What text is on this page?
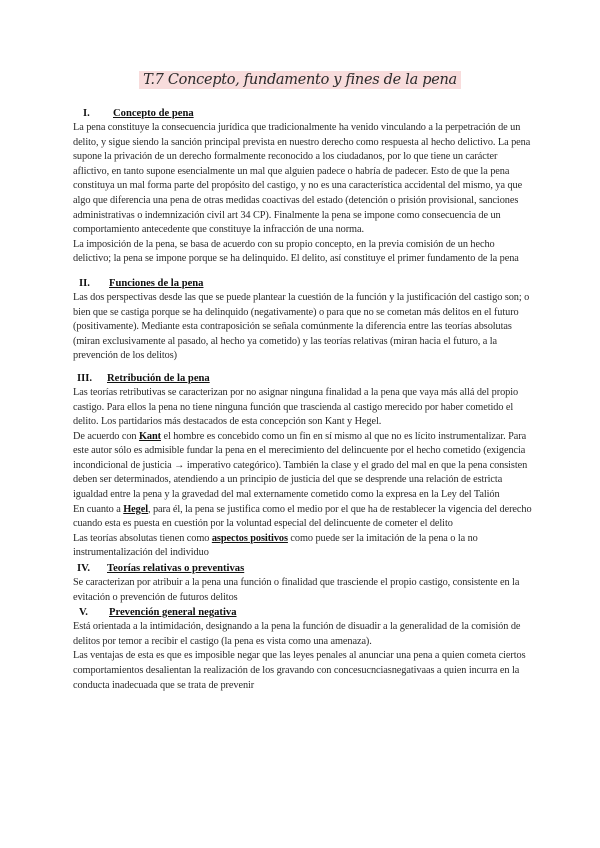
T.7 Concepto, fundamento y fines de la pena
I.	Concepto de pena

La pena constituye la consecuencia jurídica que tradicionalmente ha venido vinculando a la perpetración de un delito, y sigue siendo la sanción principal prevista en nuestro derecho como respuesta al hecho delictivo. La pena supone la privación de un derecho formalmente reconocido a los ciudadanos, por lo que tiene un carácter aflictivo, en tanto supone esencialmente un mal que alguien padece o habría de padecer. Esto de que la pena constituya un mal forma parte del propósito del castigo, y no es una característica accidental del mismo, ya que algo que diferencia una pena de otras medidas coactivas del estado (detención o prisión provisional, sanciones administrativas o indemnización civil art 34 CP). Finalmente la pena se impone como consecuencia de un comportamiento antecedente que constituye la infracción de una norma.

La imposición de la pena, se basa de acuerdo con su propio concepto, en la previa comisión de un hecho delictivo; la pena se impone porque se ha delinquido. El delito, así constituye el primer fundamento de la pena

II.	Funciones de la pena

Las dos perspectivas desde las que se puede plantear la cuestión de la función y la justificación del castigo son; o bien que se castiga porque se ha delinquido (negativamente) o para que no se cometan más delitos en el futuro (positivamente). Mediante esta contraposición se señala comúnmente la diferencia entre las teorías absolutas (miran exclusivamente al pasado, al hecho ya cometido) y las teorías relativas (miran hacia el futuro, a la prevención de los delitos)

III.	Retribución de la pena

Las teorías retributivas se caracterizan por no asignar ninguna finalidad a la pena que vaya más allá del propio castigo. Para ellos la pena no tiene ninguna función que trascienda al castigo merecido por haber cometido el delito. Los partidarios más destacados de esta concepción son Kant y Hegel.

De acuerdo con Kant el hombre es concebido como un fin en sí mismo al que no es lícito instrumentalizar. Para este autor sólo es admisible fundar la pena en el merecimiento del delincuente por el hecho cometido (exigencia incondicional de justicia → imperativo categórico). También la clase y el grado del mal en que la pena consisten deben ser determinados, atendiendo a un principio de justicia del que se desprende una relación de estricta igualdad entre la pena y la gravedad del mal externamente cometido como la expresa en la Ley del Talión

En cuanto a Hegel, para él, la pena se justifica como el medio por el que ha de restablecer la vigencia del derecho cuando esta es puesta en cuestión por la voluntad especial del delincuente de cometer el delito

Las teorías absolutas tienen como aspectos positivos como puede ser la imitación de la pena o la no instrumentalización del individuo

IV.	Teorías relativas o preventivas

Se caracterizan por atribuir a la pena una función o finalidad que trasciende el propio castigo, consistente en la evitación o prevención de futuros delitos

V.	Prevención general negativa

Está orientada a la intimidación, designando a la pena la función de disuadir a la generalidad de la comisión de delitos por temor a recibir el castigo (la pena es vista como una amenaza).

Las ventajas de esta es que es imposible negar que las leyes penales al anunciar una pena a quien cometa ciertos comportamientos desalientan la realización de los gravando con concesucnciasnegativaas a quien incurra en la conducta inadecuada que se trata de prevenir
